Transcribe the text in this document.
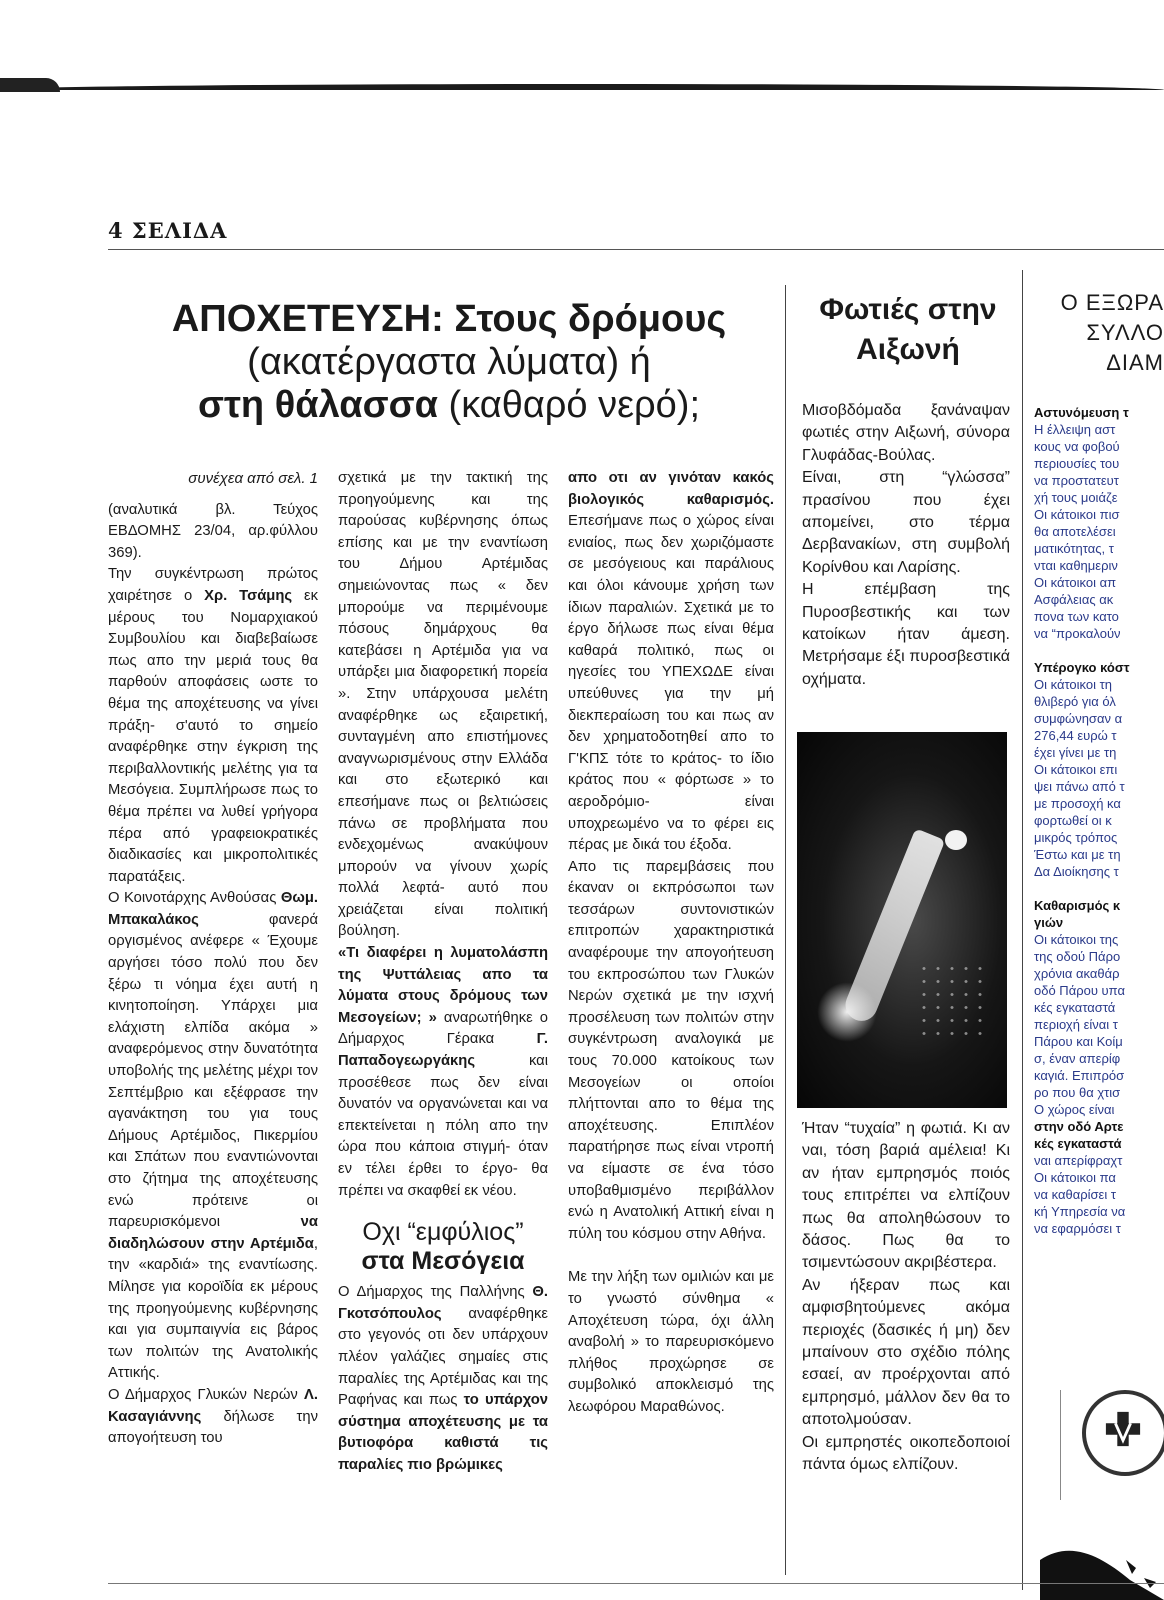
4 ΣΕΛΙΔΑ
ΑΠΟΧΕΤΕΥΣΗ: Στους δρόμους
(ακατέργαστα λύματα) ή
στη θάλασσα (καθαρό νερό);

συνέχεα από σελ. 1

(αναλυτικά βλ. Τεύχος ΕΒΔΟΜΗΣ 23/04, αρ.φύλλου 369).

Την συγκέντρωση πρώτος χαιρέτησε ο Χρ. Τσάμης εκ μέρους του Νομαρχιακού Συμβουλίου και διαβεβαίωσε πως απο την μεριά τους θα παρθούν αποφάσεις ωστε το θέμα της αποχέτευσης να γίνει πράξη- σ'αυτό το σημείο αναφέρθηκε στην έγκριση της περιβαλλοντικής μελέτης για τα Μεσόγεια. Συμπλήρωσε πως το θέμα πρέπει να λυθεί γρήγορα πέρα από γραφειοκρατικές διαδικασίες και μικροπολιτικές παρατάξεις.

Ο Κοινοτάρχης Ανθούσας Θωμ. Μπακαλάκος φανερά οργισμένος ανέφερε « Έχουμε αργήσει τόσο πολύ που δεν ξέρω τι νόημα έχει αυτή η κινητοποίηση. Υπάρχει μια ελάχιστη ελπίδα ακόμα » αναφερόμενος στην δυνατότητα υποβολής της μελέτης μέχρι τον Σεπτέμβριο και εξέφρασε την αγανάκτηση του για τους Δήμους Αρτέμιδος, Πικερμίου και Σπάτων που εναντιώνονται στο ζήτημα της αποχέτευσης ενώ πρότεινε οι παρευρισκόμενοι να διαδηλώσουν στην Αρτέμιδα, την «καρδιά» της εναντίωσης. Μίλησε για κοροϊδία εκ μέρους της προηγούμενης κυβέρνησης και για συμπαιγνία εις βάρος των πολιτών της Ανατολικής Αττικής.

Ο Δήμαρχος Γλυκών Νερών Λ. Κασαγιάννης δήλωσε την απογοήτευση του

σχετικά με την τακτική της προηγούμενης και της παρούσας κυβέρνησης όπως επίσης και με την εναντίωση του Δήμου Αρτέμιδας σημειώνοντας πως « δεν μπορούμε να περιμένουμε πόσους δημάρχους θα κατεβάσει η Αρτέμιδα για να υπάρξει μια διαφορετική πορεία ». Στην υπάρχουσα μελέτη αναφέρθηκε ως εξαιρετική, συνταγμένη απο επιστήμονες αναγνωρισμένους στην Ελλάδα και στο εξωτερικό και επεσήμανε πως οι βελτιώσεις πάνω σε προβλήματα που ενδεχομένως ανακύψουν μπορούν να γίνουν χωρίς πολλά λεφτά- αυτό που χρειάζεται είναι πολιτική βούληση.

«Τι διαφέρει η λυματολάσπη της Ψυττάλειας απο τα λύματα στους δρόμους των Μεσογείων; » αναρωτήθηκε ο Δήμαρχος Γέρακα Γ. Παπαδογεωργάκης και προσέθεσε πως δεν είναι δυνατόν να οργανώνεται και να επεκτείνεται η πόλη απο την ώρα που κάποια στιγμή- όταν εν τέλει έρθει το έργο- θα πρέπει να σκαφθεί εκ νέου.

Οχι “εμφύλιος”
στα Μεσόγεια

Ο Δήμαρχος της Παλλήνης Θ. Γκοτσόπουλος αναφέρθηκε στο γεγονός οτι δεν υπάρχουν πλέον γαλάζιες σημαίες στις παραλίες της Αρτέμιδας και της Ραφήνας και πως το υπάρχον σύστημα αποχέτευσης με τα βυτιοφόρα καθιστά τις παραλίες πιο βρώμικες

απο οτι αν γινόταν κακός βιολογικός καθαρισμός. Επεσήμανε πως ο χώρος είναι ενιαίος, πως δεν χωριζόμαστε σε μεσόγειους και παράλιους και όλοι κάνουμε χρήση των ίδιων παραλιών. Σχετικά με το έργο δήλωσε πως είναι θέμα καθαρά πολιτικό, πως οι ηγεσίες του ΥΠΕΧΩΔΕ είναι υπεύθυνες για την μή διεκπεραίωση του και πως αν δεν χρηματοδοτηθεί απο το Γ'ΚΠΣ τότε το κράτος- το ίδιο κράτος που « φόρτωσε » το αεροδρόμιο- είναι υποχρεωμένο να το φέρει εις πέρας με δικά του έξοδα.

Απο τις παρεμβάσεις που έκαναν οι εκπρόσωποι των τεσσάρων συντονιστικών επιτροπών χαρακτηριστικά αναφέρουμε την απογοήτευση του εκπροσώπου των Γλυκών Νερών σχετικά με την ισχνή προσέλευση των πολιτών στην συγκέντρωση αναλογικά με τους 70.000 κατοίκους των Μεσογείων οι οποίοι πλήττονται απο το θέμα της αποχέτευσης. Επιπλέον παρατήρησε πως είναι ντροπή να είμαστε σε ένα τόσο υποβαθμισμένο περιβάλλον ενώ η Ανατολική Αττική είναι η πύλη του κόσμου στην Αθήνα.

Με την λήξη των ομιλιών και με το γνωστό σύνθημα « Αποχέτευση τώρα, όχι άλλη αναβολή » το παρευρισκόμενο πλήθος προχώρησε σε συμβολικό αποκλεισμό της λεωφόρου Μαραθώνος.

Φωτιές στην
Αιξωνή

Μισοβδόμαδα ξανάναψαν φωτιές στην Αιξωνή, σύνορα Γλυφάδας-Βούλας.

Είναι, στη “γλώσσα” πρασίνου που έχει απομείνει, στο τέρμα Δερβανακίων, στη συμβολή Κορίνθου και Λαρίσης.

Η επέμβαση της Πυροσβεστικής και των κατοίκων ήταν άμεση. Μετρήσαμε έξι πυροσβεστικά οχήματα.

Ήταν “τυχαία” η φωτιά. Κι αν ναι, τόση βαριά αμέλεια! Κι αν ήταν εμπρησμός ποιός τους επιτρέπει να ελπίζουν πως θα αποληθώσουν το δάσος. Πως θα το τσιμεντώσουν ακριβέστερα.

Αν ήξεραν πως και αμφισβητούμενες ακόμα περιοχές (δασικές ή μη) δεν μπαίνουν στο σχέδιο πόλης εσαεί, αν προέρχονται από εμπρησμό, μάλλον δεν θα το αποτολμούσαν.

Οι εμπρηστές οικοπεδοποιοί πάντα όμως ελπίζουν.

Ο ΕΞΩΡΑ
ΣΥΛΛΟ
ΔΙΑΜ

Αστυνόμευση τ

Η έλλειψη αστ

κους να φοβού

περιουσίες του

να προστατευτ

χή τους μοιάζε

Οι κάτοικοι πισ

θα αποτελέσει

ματικότητας, τ

νται καθημεριν

Οι κάτοικοι απ

Ασφάλειας ακ

πονα των κατο

να “προκαλούν

Υπέρογκο κόστ

Οι κάτοικοι τη

θλιβερό για όλ

συμφώνησαν α

276,44 ευρώ τ

έχει γίνει με τη

Οι κάτοικοι επι

ψει πάνω από τ

με προσοχή κα

φορτωθεί οι κ

μικρός τρόπος

Έστω και με τη

Δα Διοίκησης τ

Καθαρισμός κ

γιών

Οι κάτοικοι της

της οδού Πάρο

χρόνια ακαθάρ

οδό Πάρου υπα

κές εγκαταστά

περιοχή είναι τ

Πάρου και Κοίμ

σ, έναν απερίφ

καγιά. Επιπρόσ

ρο που θα χτισ

Ο χώρος είναι

στην οδό Αρτε

κές εγκαταστά

ναι απερίφραχτ

Οι κάτοικοι πα

να καθαρίσει τ

κή Υπηρεσία να

να εφαρμόσει τ
